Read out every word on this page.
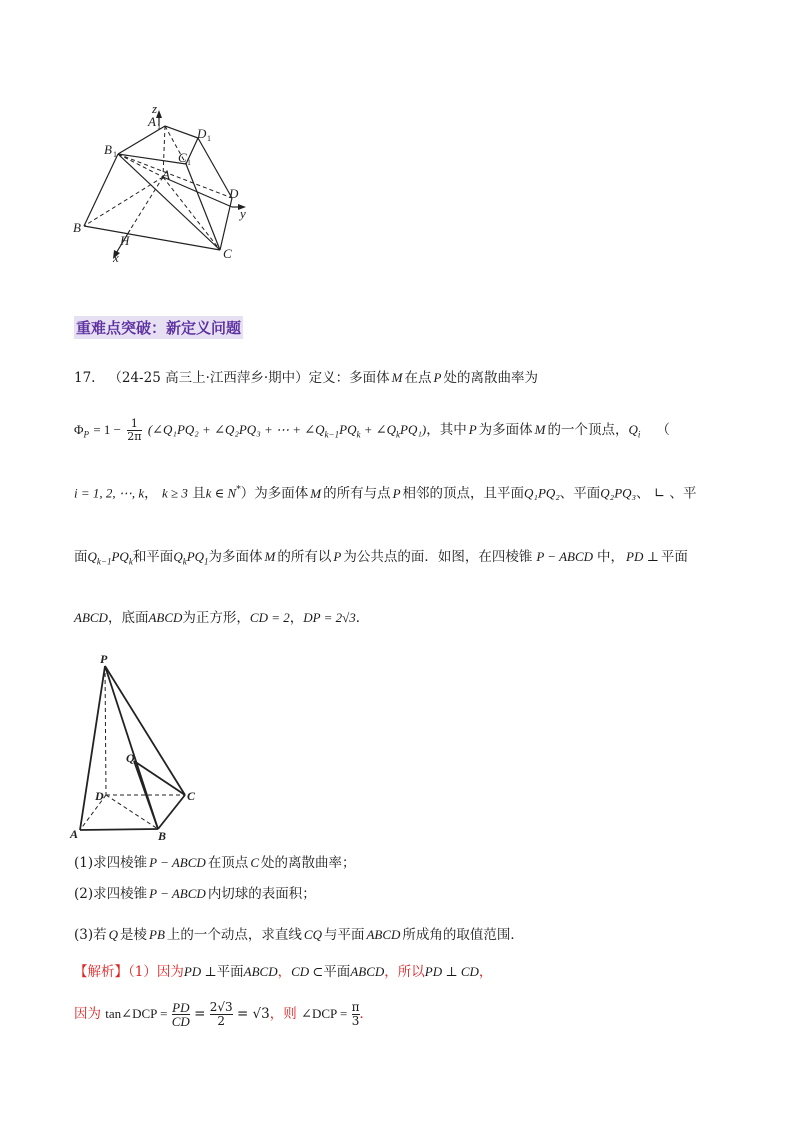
z
A 1	D 1
B 1	C 1
A
D
y
B
H
x	C
重难点突破：新定义问题
17. （24-25 高三上·江西萍乡·期中）定义：多面体 M 在点 P 处的离散曲率为
$\Phi_P = 1 - \frac{1}{2\pi}$ (∠Q₁PQ₂ + ∠Q₂PQ₃ + ⋯ + $\angle Q_{k-1}PQ_k$ + $\angle Q_kPQ_1$)，其中 P 为多面体 M 的一个顶点，$Q_i$ （
i = 1, 2, ⋯, k， k ≥ 3 且k ∈ N*）为多面体 M 的所有与点 P 相邻的顶点，且平面Q₁PQ₂、平面Q₂PQ₃、 ∟ 、平
面$Q_{k-1}PQ_k$和平面$Q_kPQ_1$为多面体 M 的所有以 P 为公共点的面．如图，在四棱锥 P − ABCD 中， PD ⊥ 平面
ABCD，底面ABCD为正方形，CD = 2，DP = 2√3．
P
Q
D	C
A	B
(1)求四棱锥 P − ABCD 在顶点 C 处的离散曲率；
(2)求四棱锥 P − ABCD 内切球的表面积；
(3)若 Q 是棱 PB 上的一个动点，求直线 CQ 与平面 ABCD 所成角的取值范围．
【解析】（1）因为PD ⊥平面ABCD，CD ⊂平面ABCD，所以PD ⊥ CD，
因为 tan∠DCP = $\frac{PD}{CD} = \frac{2√3}{2} = √3$，则 ∠DCP = $\frac{\pi}{3}$ ．
